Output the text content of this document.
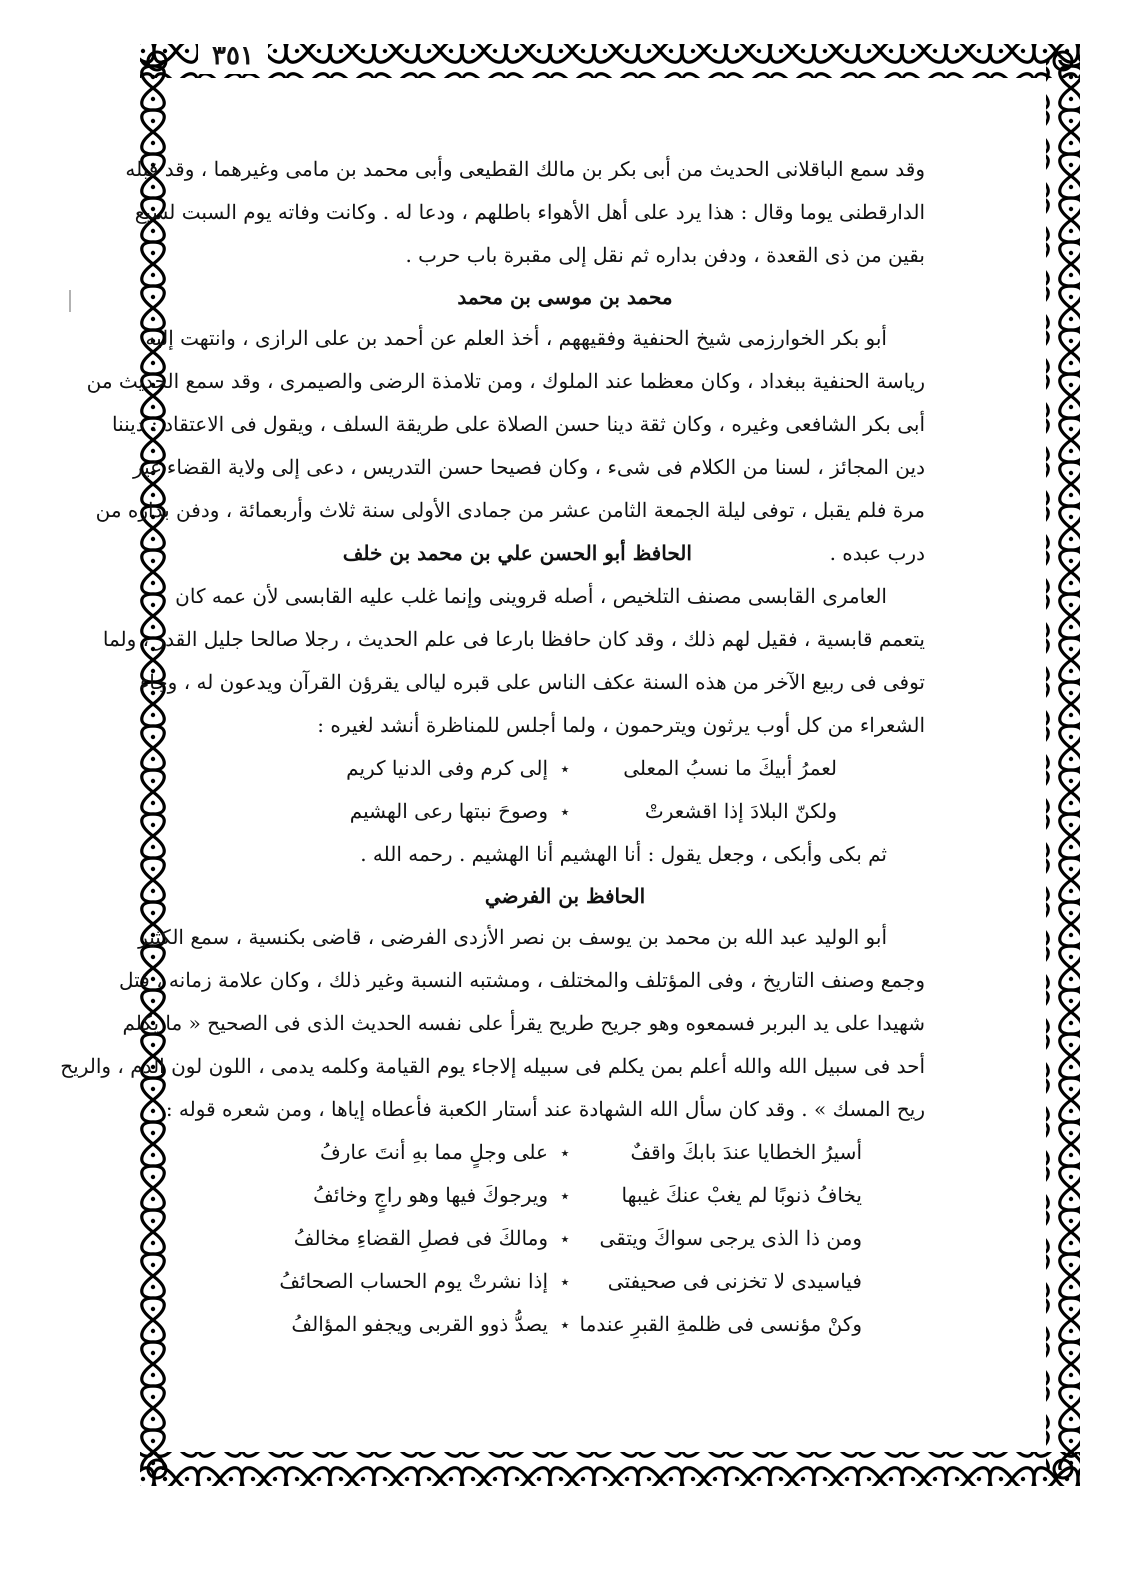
٣٥١
وقد سمع الباقلانى الحديث من أبى بكر بن مالك القطيعى وأبى محمد بن مامى وغيرهما ، وقد قبله
الدارقطنى يوما وقال : هذا يرد على أهل الأهواء باطلهم ، ودعا له . وكانت وفاته يوم السبت لسبع
بقين من ذى القعدة ، ودفن بداره ثم نقل إلى مقبرة باب حرب .
محمد بن موسى بن محمد
أبو بكر الخوارزمى شيخ الحنفية وفقيههم ، أخذ العلم عن أحمد بن على الرازى ، وانتهت إليه
رياسة الحنفية ببغداد ، وكان معظما عند الملوك ، ومن تلامذة الرضى والصيمرى ، وقد سمع الحديث من
أبى بكر الشافعى وغيره ، وكان ثقة دينا حسن الصلاة على طريقة السلف ، ويقول فى الاعتقاد : ديننا
دين المجائز ، لسنا من الكلام فى شىء ، وكان فصيحا حسن التدريس ، دعى إلى ولاية القضاء غير
مرة فلم يقبل ، توفى ليلة الجمعة الثامن عشر من جمادى الأولى سنة ثلاث وأربعمائة ، ودفن بداره من
درب عبده .
الحافظ أبو الحسن علي بن محمد بن خلف
العامرى القابسى مصنف التلخيص ، أصله قروينى وإنما غلب عليه القابسى لأن عمه كان
يتعمم قابسية ، فقيل لهم ذلك ، وقد كان حافظا بارعا فى علم الحديث ، رجلا صالحا جليل القدر ، ولما
توفى فى ربيع الآخر من هذه السنة عكف الناس على قبره ليالى يقرؤن القرآن ويدعون له ، وجاء
الشعراء من كل أوب يرثون ويترحمون ، ولما أجلس للمناظرة أنشد لغيره :
لعمرُ أبيكَ ما نسبُ المعلى
٭
إلى كرم وفى الدنيا كريم
ولكنّ البلادَ إذا اقشعرتْ
٭
وصوحَ نبتها رعى الهشيم
ثم بكى وأبكى ، وجعل يقول : أنا الهشيم أنا الهشيم . رحمه الله .
الحافظ بن الفرضي
أبو الوليد عبد الله بن محمد بن يوسف بن نصر الأزدى الفرضى ، قاضى بكنسية ، سمع الكثير
وجمع وصنف التاريخ ، وفى المؤتلف والمختلف ، ومشتبه النسبة وغير ذلك ، وكان علامة زمانه ، قتل
شهيدا على يد البربر فسمعوه وهو جريح طريح يقرأ على نفسه الحديث الذى فى الصحيح « ما يكلم
أحد فى سبيل الله والله أعلم بمن يكلم فى سبيله إلاجاء يوم القيامة وكلمه يدمى ، اللون لون الدم ، والريح
ريح المسك » . وقد كان سأل الله الشهادة عند أستار الكعبة فأعطاه إياها ، ومن شعره قوله :
أسيرُ الخطايا عندَ بابكَ واقفٌ
٭
على وجلٍ مما بهِ أنتَ عارفُ
يخافُ ذنوبًا لم يغبْ عنكَ غيبها
٭
ويرجوكَ فيها وهو راجٍ وخائفُ
ومن ذا الذى يرجى سواكَ ويتقى
٭
ومالكَ فى فصلِ القضاءِ مخالفُ
فياسيدى لا تخزنى فى صحيفتى
٭
إذا نشرتْ يوم الحساب الصحائفُ
وكنْ مؤنسى فى ظلمةِ القبرِ عندما
٭
يصدُّ ذوو القربى ويجفو المؤالفُ
